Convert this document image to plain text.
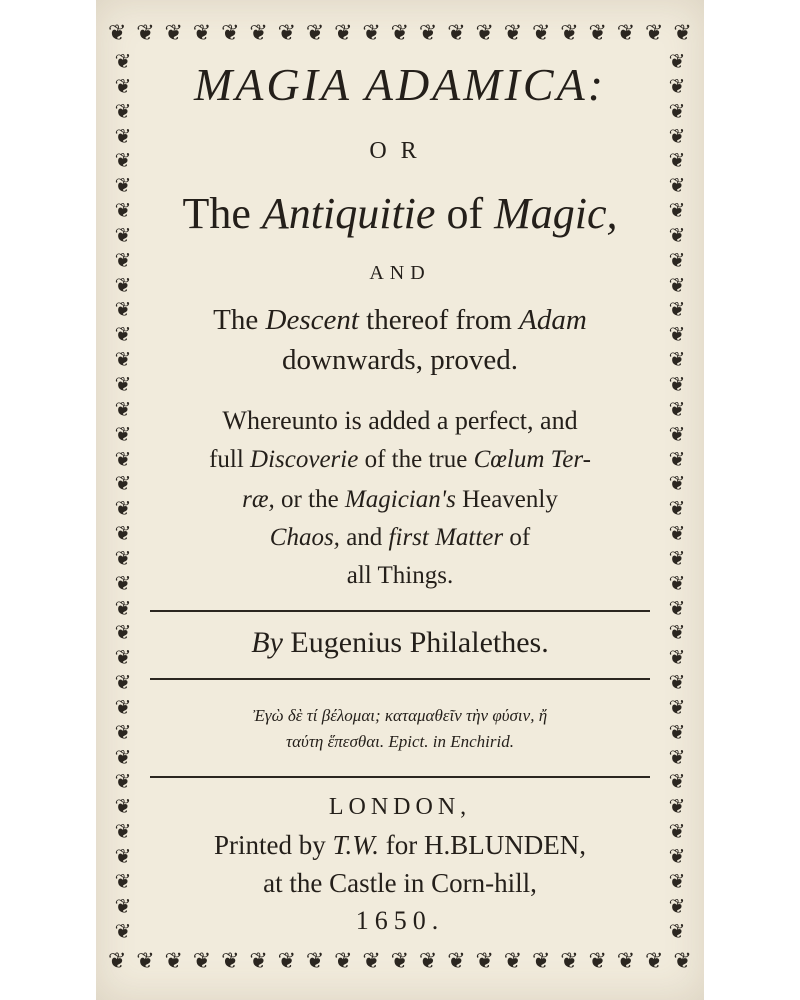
❦ ❦ ❦ ❦ ❦ ❦ ❦ ❦ ❦ ❦ ❦ ❦ ❦ ❦ ❦ ❦ ❦ ❦ ❦ ❦ ❦
❦ ❦ ❦ ❦ ❦ ❦ ❦ ❦ ❦ ❦ ❦ ❦ ❦ ❦ ❦ ❦ ❦ ❦ ❦ ❦ ❦
❦
❦
❦
❦
❦
❦
❦
❦
❦
❦
❦
❦
❦
❦
❦
❦
❦
❦
❦
❦
❦
❦
❦
❦
❦
❦
❦
❦
❦
❦
❦
❦
❦
❦
❦
❦
❦
❦
❦
❦
❦
❦
❦
❦
❦
❦
❦
❦
❦
❦
❦
❦
❦
❦
❦
❦
❦
❦
❦
❦
❦
❦
❦
❦
❦
❦
❦
❦
❦
❦
❦
❦
MAGIA ADAMICA:
OR
The Antiquitie of Magic,
AND
The Descent thereof from Adam
downwards, proved.
Whereunto is added a perfect, and
full Discoverie of the true Cœlum Ter-
ræ, or the Magician's Heavenly
Chaos, and first Matter of
all Things.
By Eugenius Philalethes.
Ἐγὼ δὲ τί βέλομαι; καταμαθεῖν τὴν φύσιν, ἤ
ταύτη ἕπεσθαι. Epict. in Enchirid.
LONDON,
Printed by T.W. for H.BLUNDEN,
at the Castle in Corn-hill,
1650.
